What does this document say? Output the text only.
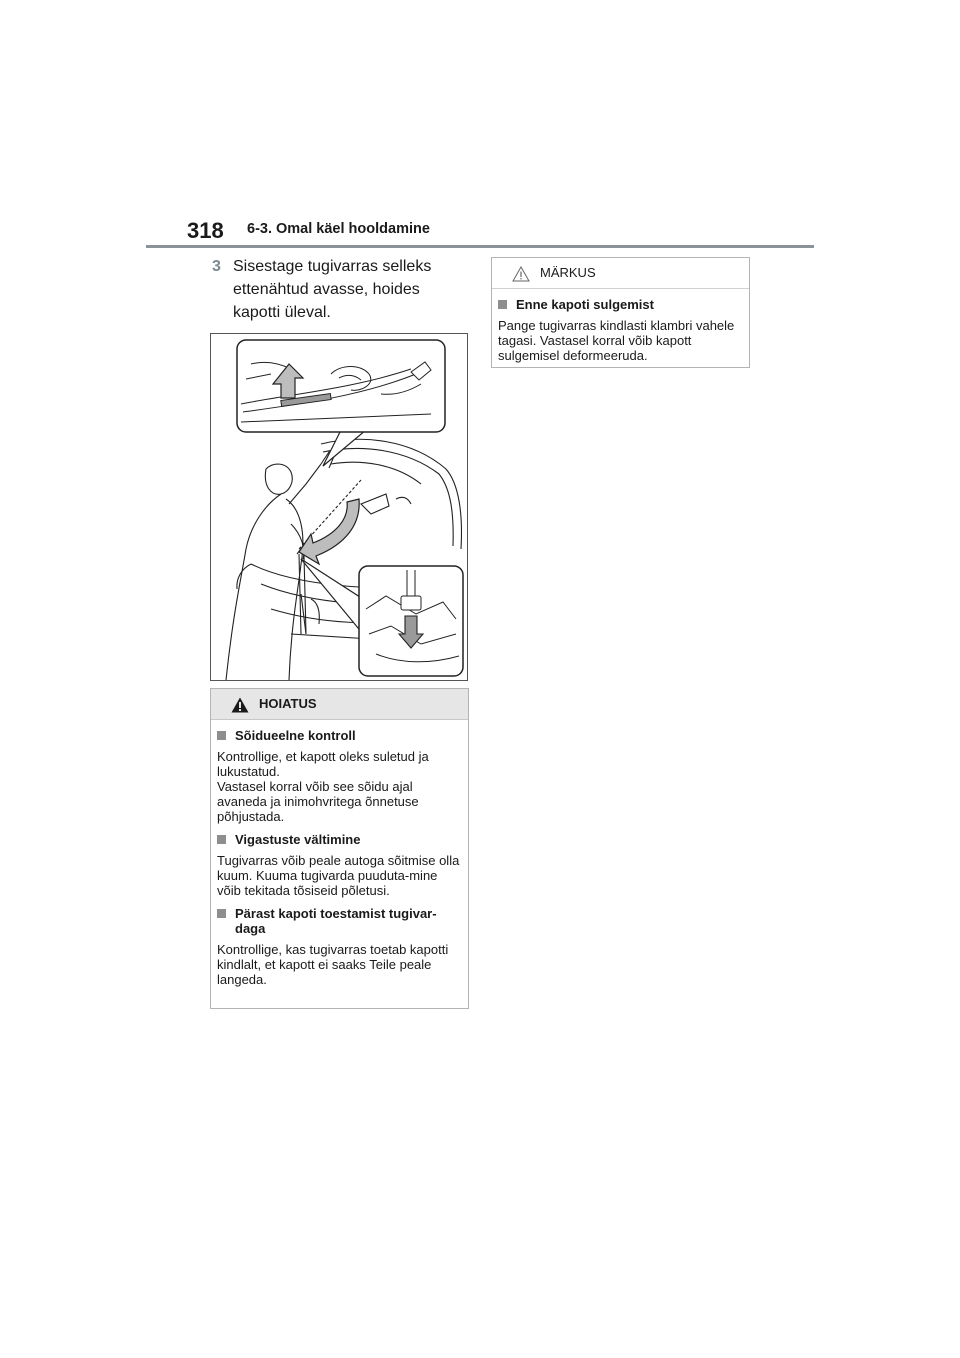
318 6-3. Omal käel hooldamine
3 Sisestage tugivarras selleks ettenähtud avasse, hoides kapotti üleval.
HOIATUS
Sõidueelne kontroll
Kontrollige, et kapott oleks suletud ja lukustatud.
Vastasel korral võib see sõidu ajal avaneda ja inimohvritega õnnetuse põhjustada.
Vigastuste vältimine
Tugivarras võib peale autoga sõitmise olla kuum. Kuuma tugivarda puuduta-mine võib tekitada tõsiseid põletusi.
Pärast kapoti toestamist tugivar-daga
Kontrollige, kas tugivarras toetab kapotti kindlalt, et kapott ei saaks Teile peale langeda.
MÄRKUS
Enne kapoti sulgemist
Pange tugivarras kindlasti klambri vahele tagasi. Vastasel korral võib kapott sulgemisel deformeeruda.
